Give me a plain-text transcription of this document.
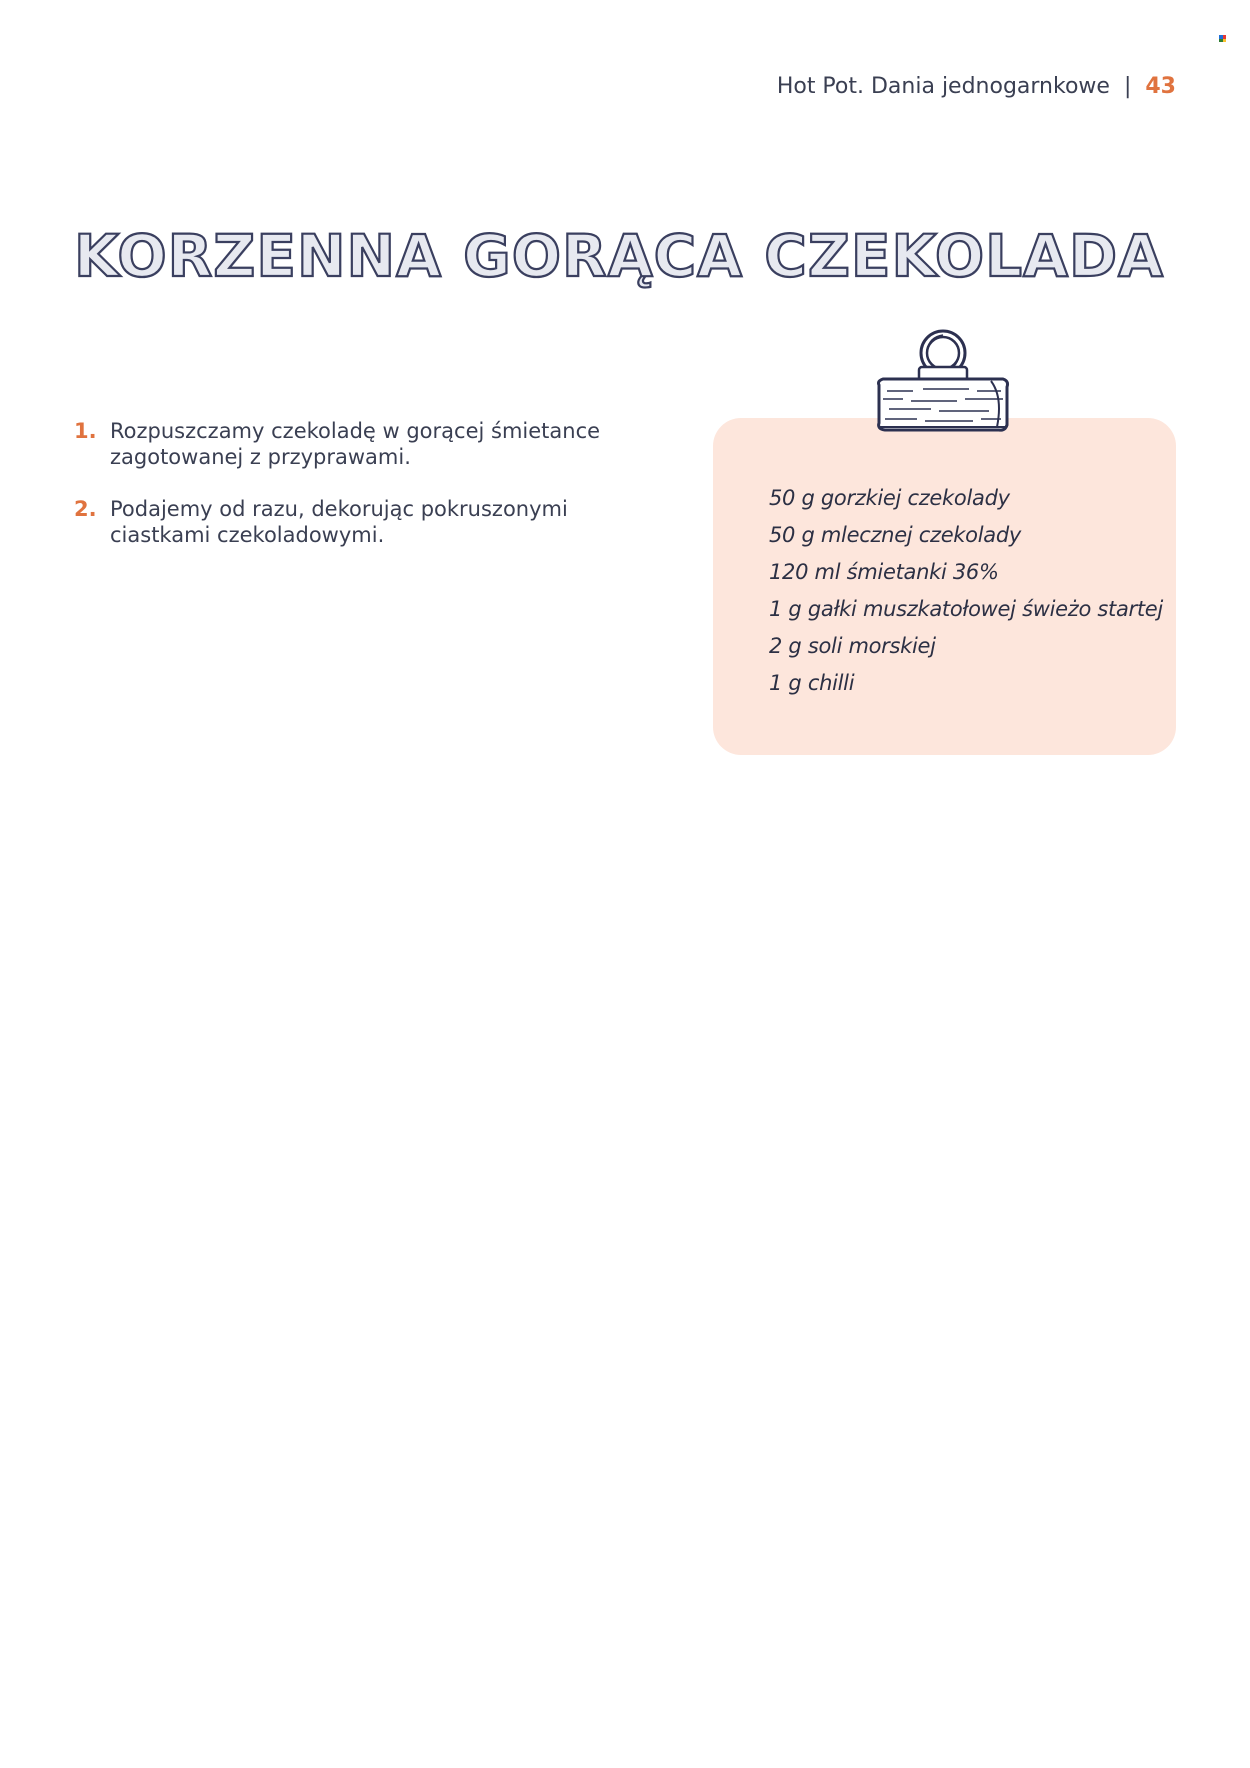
Hot Pot. Dania jednogarnkowe | 43
KORZENNA GORĄCA CZEKOLADA
1. Rozpuszczamy czekoladę w gorącej śmietance zagotowanej z przyprawami.
2. Podajemy od razu, dekorując pokruszonymi ciastkami czekoladowymi.
50 g gorzkiej czekolady
50 g mlecznej czekolady
120 ml śmietanki 36%
1 g gałki muszkatołowej świeżo startej
2 g soli morskiej
1 g chilli
